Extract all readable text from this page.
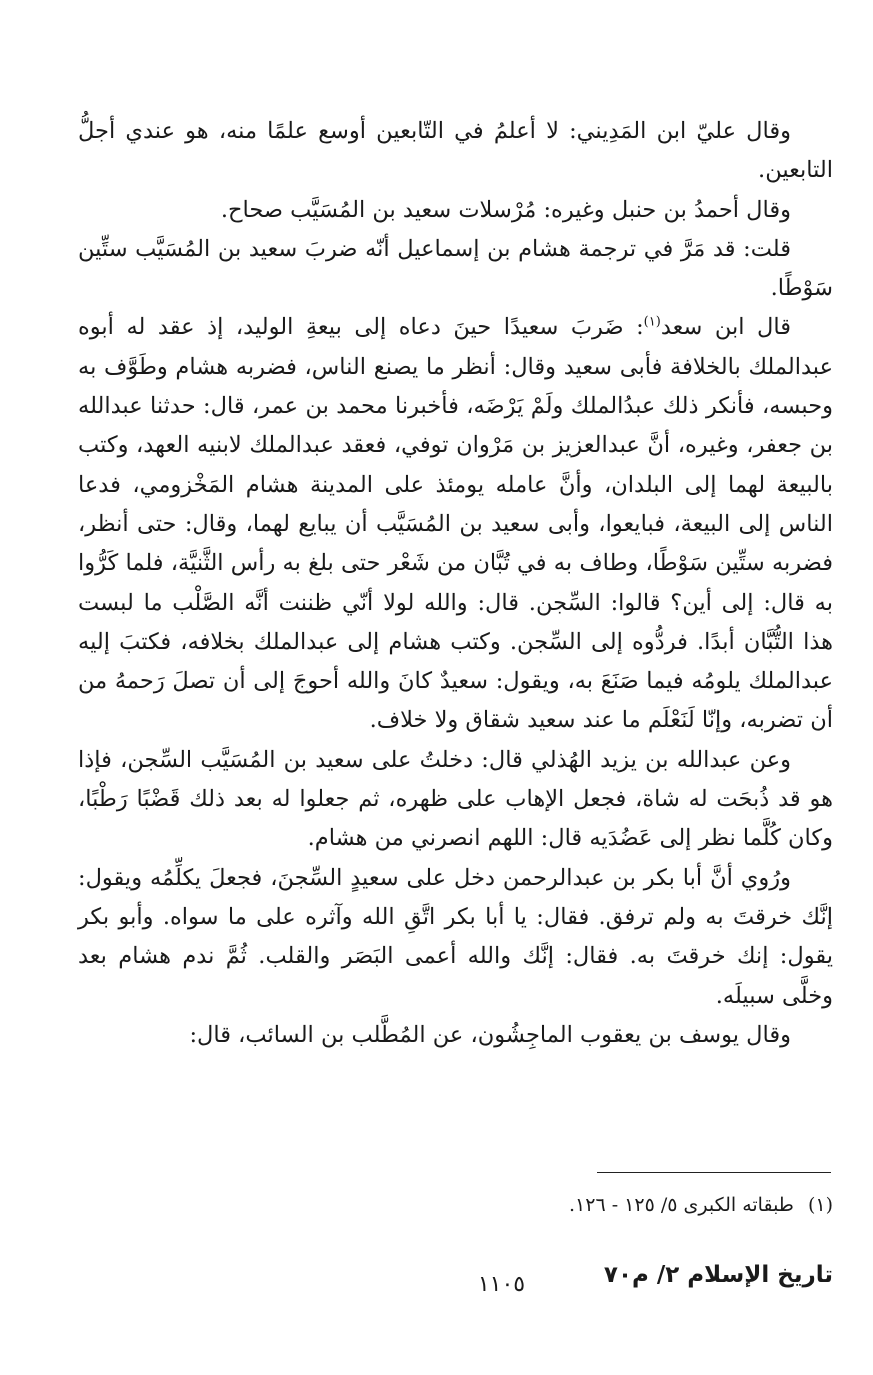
وقال عليّ ابن المَدِيني: لا أعلمُ في التّابعين أوسع علمًا منه، هو عندي أجلُّ التابعين.

وقال أحمدُ بن حنبل وغيره: مُرْسلات سعيد بن المُسَيَّب صحاح.

قلت: قد مَرَّ في ترجمة هشام بن إسماعيل أنّه ضربَ سعيد بن المُسَيَّب ستِّين سَوْطًا.

قال ابن سعد$^{(١)}$: ضَربَ سعيدًا حينَ دعاه إلى بيعةِ الوليد، إذ عقد له أبوه عبدالملك بالخلافة فأبى سعيد وقال: أنظر ما يصنع الناس، فضربه هشام وطَوَّف به وحبسه، فأنكر ذلك عبدُالملك ولَمْ يَرْضَه، فأخبرنا محمد بن عمر، قال: حدثنا عبدالله بن جعفر، وغيره، أنَّ عبدالعزيز بن مَرْوان توفي، فعقد عبدالملك لابنيه العهد، وكتب بالبيعة لهما إلى البلدان، وأنَّ عامله يومئذ على المدينة هشام المَخْزومي، فدعا الناس إلى البيعة، فبايعوا، وأبى سعيد بن المُسَيَّب أن يبايع لهما، وقال: حتى أنظر، فضربه ستِّين سَوْطًا، وطاف به في تُبَّان من شَعْر حتى بلغ به رأس الثَّنيَّة، فلما كَرُّوا به قال: إلى أين؟ قالوا: السِّجن. قال: والله لولا أنّي ظننت أنَّه الصَّلْب ما لبست هذا التُّبَّان أبدًا. فردُّوه إلى السِّجن. وكتب هشام إلى عبدالملك بخلافه، فكتبَ إليه عبدالملك يلومُه فيما صَنَعَ به، ويقول: سعيدٌ كانَ والله أحوجَ إلى أن تصلَ رَحمهُ من أن تضربه، وإنّا لَنَعْلَم ما عند سعيد شقاق ولا خلاف.

وعن عبدالله بن يزيد الهُذلي قال: دخلتُ على سعيد بن المُسَيَّب السِّجن، فإذا هو قد ذُبحَت له شاة، فجعل الإهاب على ظهره، ثم جعلوا له بعد ذلك قَضْبًا رَطْبًا، وكان كُلَّما نظر إلى عَضُدَيه قال: اللهم انصرني من هشام.

ورُوي أنَّ أبا بكر بن عبدالرحمن دخل على سعيدٍ السِّجنَ، فجعلَ يكلِّمُه ويقول: إنَّك خرقتَ به ولم ترفق. فقال: يا أبا بكر اتَّقِ الله وآثره على ما سواه. وأبو بكر يقول: إنك خرقتَ به. فقال: إنَّك والله أعمى البَصَر والقلب. ثُمَّ ندم هشام بعد وخلَّى سبيلَه.

وقال يوسف بن يعقوب الماجِشُون، عن المُطَّلب بن السائب، قال:

(١)طبقاته الكبرى ٥/ ١٢٥ - ١٢٦.
تاريخ الإسلام ٢/ م٧٠
١١٠٥
